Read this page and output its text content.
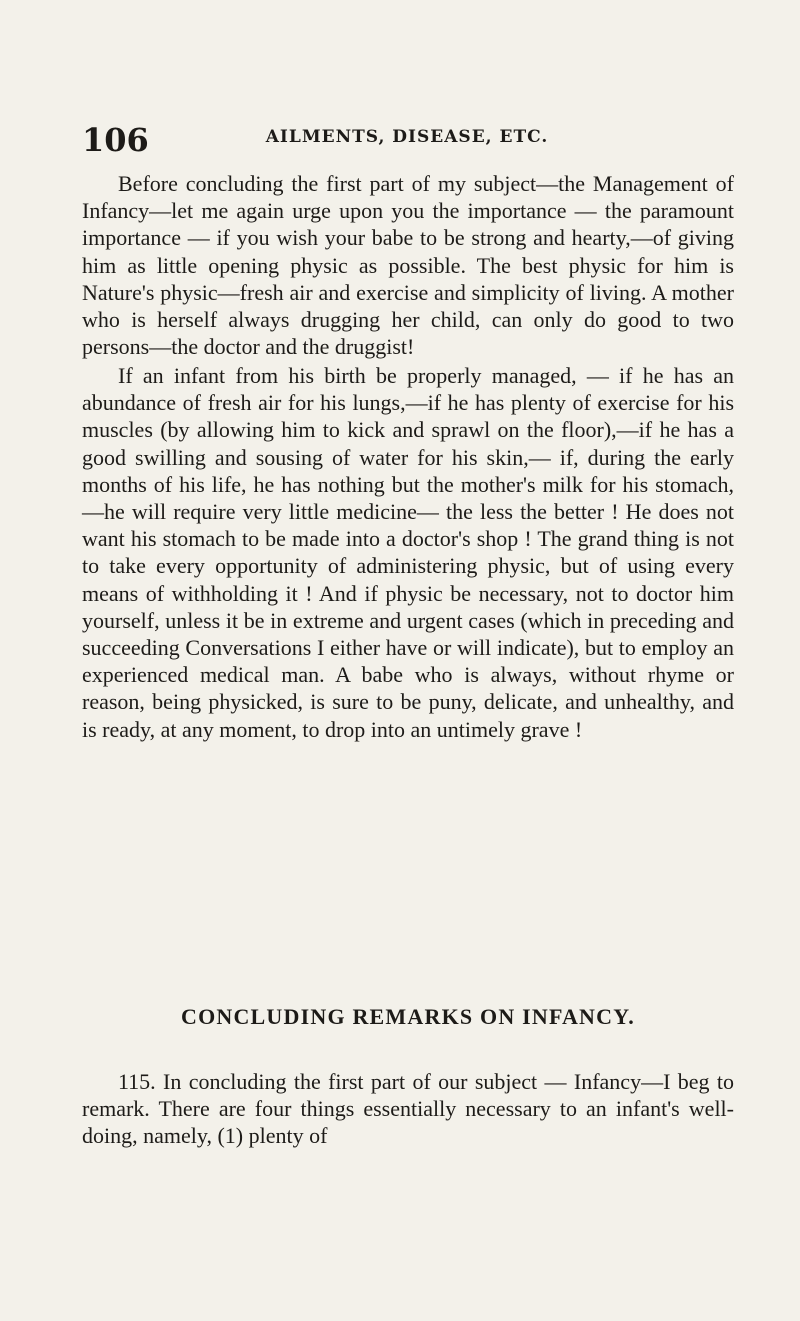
106	AILMENTS, DISEASE, ETC.

Before concluding the first part of my subject—the Management of Infancy—let me again urge upon you the importance — the paramount importance — if you wish your babe to be strong and hearty,—of giving him as little opening physic as possible. The best physic for him is Nature's physic—fresh air and exercise and simplicity of living. A mother who is herself always drugging her child, can only do good to two persons—the doctor and the druggist!

If an infant from his birth be properly managed, — if he has an abundance of fresh air for his lungs,—if he has plenty of exercise for his muscles (by allowing him to kick and sprawl on the floor),—if he has a good swilling and sousing of water for his skin,— if, during the early months of his life, he has nothing but the mother's milk for his stomach,—he will require very little medicine— the less the better ! He does not want his stomach to be made into a doctor's shop ! The grand thing is not to take every opportunity of administering physic, but of using every means of withholding it ! And if physic be necessary, not to doctor him yourself, unless it be in extreme and urgent cases (which in preceding and succeeding Conversations I either have or will indicate), but to employ an experienced medical man. A babe who is always, without rhyme or reason, being physicked, is sure to be puny, delicate, and unhealthy, and is ready, at any moment, to drop into an untimely grave !

CONCLUDING REMARKS ON INFANCY.

115. In concluding the first part of our subject — Infancy—I beg to remark. There are four things essentially necessary to an infant's well-doing, namely, (1) plenty of
